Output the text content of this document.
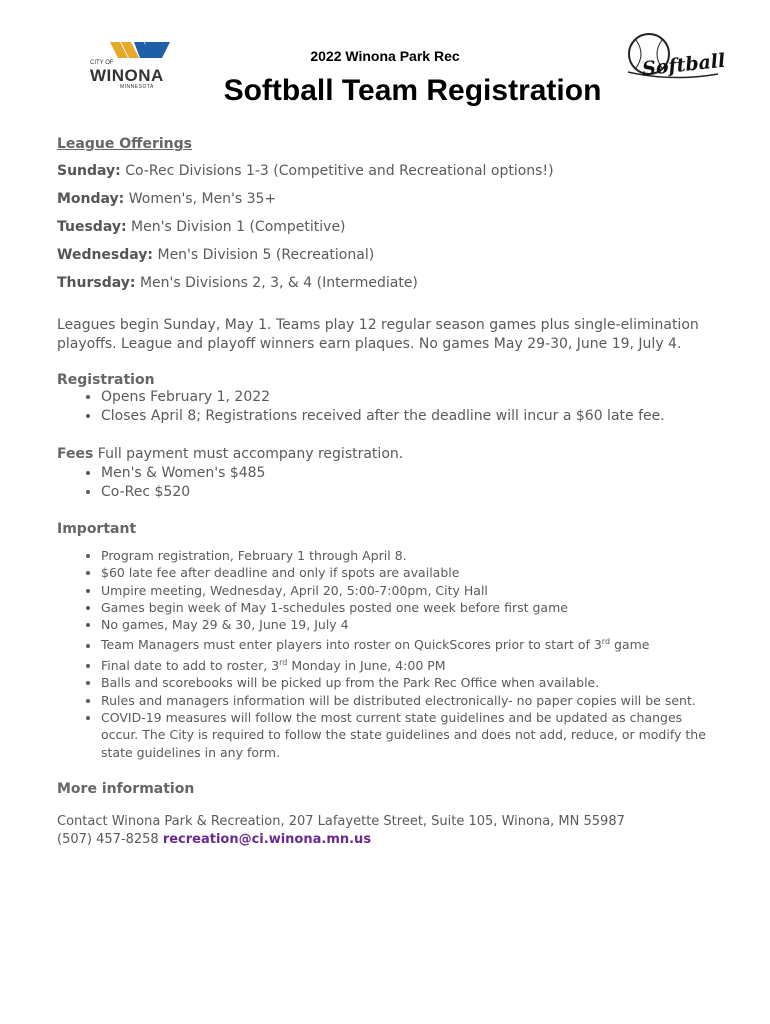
CITY OF
WINONA
MINNESOTA
2022 Winona Park Rec
Softball Team Registration
Softball

League Offerings

Sunday: Co-Rec Divisions 1-3 (Competitive and Recreational options!)

Monday: Women's, Men's 35+

Tuesday: Men's Division 1 (Competitive)

Wednesday: Men's Division 5 (Recreational)

Thursday: Men's Divisions 2, 3, & 4 (Intermediate)

Leagues begin Sunday, May 1. Teams play 12 regular season games plus single-elimination playoffs. League and playoff winners earn plaques. No games May 29-30, June 19, July 4.

Registration

• Opens February 1, 2022
• Closes April 8; Registrations received after the deadline will incur a $60 late fee.

Fees Full payment must accompany registration.

• Men's & Women's $485
• Co-Rec $520

Important

• Program registration, February 1 through April 8.
• $60 late fee after deadline and only if spots are available
• Umpire meeting, Wednesday, April 20, 5:00-7:00pm, City Hall
• Games begin week of May 1-schedules posted one week before first game
• No games, May 29 & 30, June 19, July 4
• Team Managers must enter players into roster on QuickScores prior to start of 3rd game
• Final date to add to roster, 3rd Monday in June, 4:00 PM
• Balls and scorebooks will be picked up from the Park Rec Office when available.
• Rules and managers information will be distributed electronically- no paper copies will be sent.
• COVID-19 measures will follow the most current state guidelines and be updated as changes occur. The City is required to follow the state guidelines and does not add, reduce, or modify the state guidelines in any form.

More information

Contact Winona Park & Recreation, 207 Lafayette Street, Suite 105, Winona, MN 55987

(507) 457-8258 recreation@ci.winona.mn.us
